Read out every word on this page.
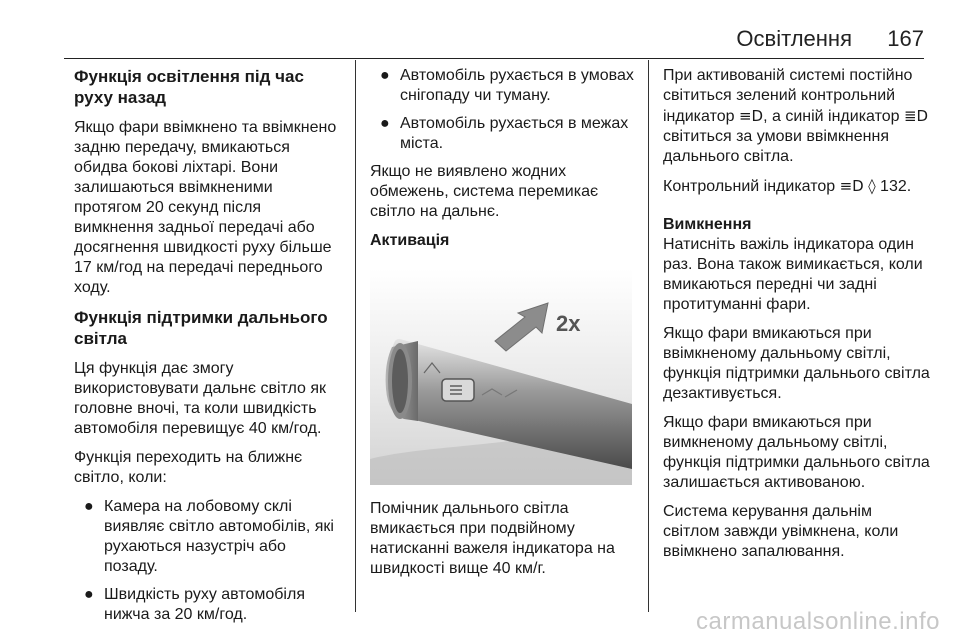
Освітлення 167
Функція освітлення під час руху назад

Якщо фари ввімкнено та ввімкнено задню передачу, вмикаються обидва бокові ліхтарі. Вони залишаються ввімкненими протягом 20 секунд після вимкнення задньої передачі або досягнення швидкості руху більше 17 км/год на передачі переднього ходу.

Функція підтримки дальнього світла

Ця функція дає змогу використовувати дальнє світло як головне вночі, та коли швидкість автомобіля перевищує 40 км/год.

Функція переходить на ближнє світло, коли:

● Камера на лобовому склі виявляє світло автомобілів, які рухаються назустріч або позаду.
● Швидкість руху автомобіля нижча за 20 км/год.
● Автомобіль рухається в умовах снігопаду чи туману.
● Автомобіль рухається в межах міста.

Якщо не виявлено жодних обмежень, система перемикає світло на дальнє.

Активація
2x

Помічник дальнього світла вмикається при подвійному натисканні важеля індикатора на швидкості вище 40 км/г.

При активованій системі постійно світиться зелений контрольний індикатор ≡D, а синій індикатор ≣D світиться за умови ввімкнення дальнього світла.

Контрольний індикатор ≡D ◊ 132.

Вимкнення

Натисніть важіль індикатора один раз. Вона також вимикається, коли вмикаються передні чи задні протитуманні фари.

Якщо фари вмикаються при ввімкненому дальньому світлі, функція підтримки дальнього світла дезактивується.

Якщо фари вмикаються при вимкненому дальньому світлі, функція підтримки дальнього світла залишається активованою.

Система керування дальнім світлом завжди увімкнена, коли ввімкнено запалювання.

carmanualsonline.info
